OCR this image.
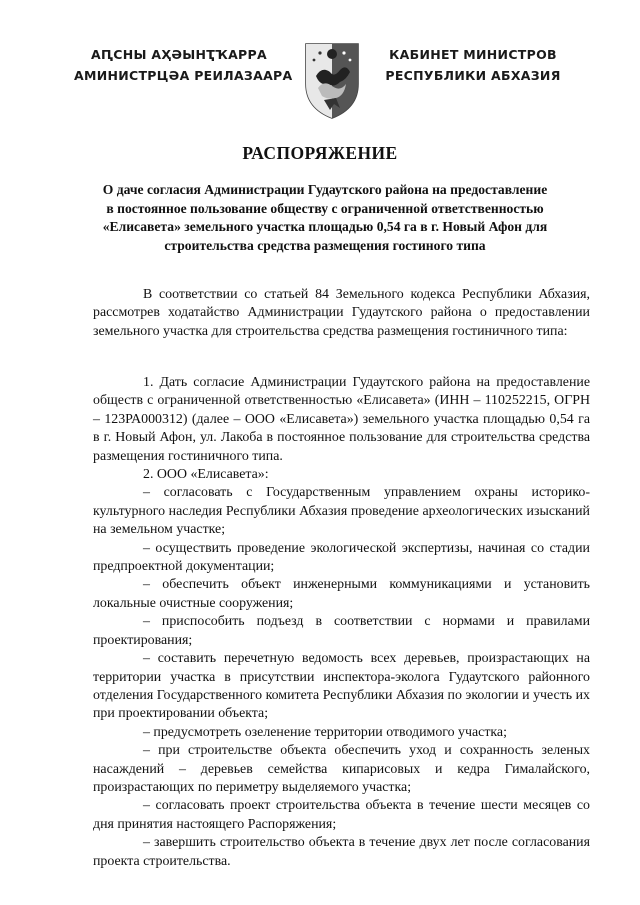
АԤСНЫ АҲӘЫНҬҠАРРА
АМИНИСТРЦӘА РЕИЛАЗААРА
КАБИНЕТ МИНИСТРОВ
РЕСПУБЛИКИ АБХАЗИЯ
РАСПОРЯЖЕНИЕ
О даче согласия Администрации Гудаутского района на предоставление в постоянное пользование обществу с ограниченной ответственностью «Елисавета» земельного участка площадью 0,54 га в г. Новый Афон для строительства средства размещения гостиного типа

В соответствии со статьей 84 Земельного кодекса Республики Абхазия, рассмотрев ходатайство Администрации Гудаутского района о предоставлении земельного участка для строительства средства размещения гостиничного типа:

1. Дать согласие Администрации Гудаутского района на предоставление обществ с ограниченной ответственностью «Елисавета» (ИНН – 110252215, ОГРН – 123РА000312) (далее – ООО «Елисавета») земельного участка площадью 0,54 га в г. Новый Афон, ул. Лакоба в постоянное пользование для строительства средства размещения гостиничного типа.

2. ООО «Елисавета»:

– согласовать с Государственным управлением охраны историко-культурного наследия Республики Абхазия проведение археологических изысканий на земельном участке;

– осуществить проведение экологической экспертизы, начиная со стадии предпроектной документации;

– обеспечить объект инженерными коммуникациями и установить локальные очистные сооружения;

– приспособить подъезд в соответствии с нормами и правилами проектирования;

– составить перечетную ведомость всех деревьев, произрастающих на территории участка в присутствии инспектора-эколога Гудаутского районного отделения Государственного комитета Республики Абхазия по экологии и учесть их при проектировании объекта;

– предусмотреть озеленение территории отводимого участка;

– при строительстве объекта обеспечить уход и сохранность зеленых насаждений – деревьев семейства кипарисовых и кедра Гималайского, произрастающих по периметру выделяемого участка;

– согласовать проект строительства объекта в течение шести месяцев со дня принятия настоящего Распоряжения;

– завершить строительство объекта в течение двух лет после согласования проекта строительства.
